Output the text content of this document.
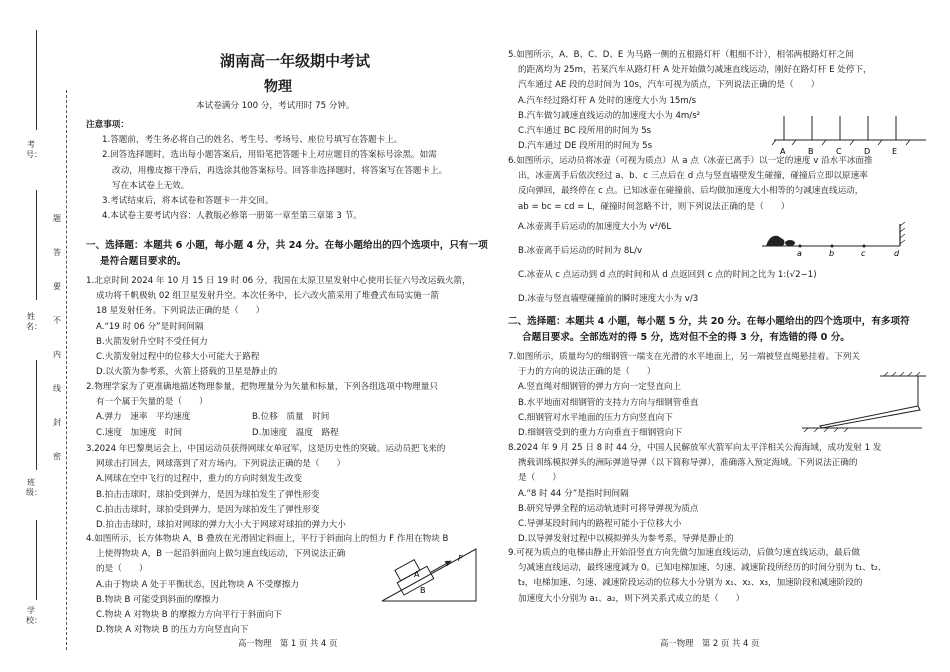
考号：
姓名：
班级：
学校：
题
答
要
不
内
线
封
密
湖南高一年级期中考试
物理
本试卷满分 100 分，考试用时 75 分钟。
注意事项：
1.答题前，考生务必将自己的姓名、考生号、考场号、座位号填写在答题卡上。
2.回答选择题时，选出每小题答案后，用铅笔把答题卡上对应题目的答案标号涂黑。如需
改动，用橡皮擦干净后，再选涂其他答案标号。回答非选择题时，将答案写在答题卡上。
写在本试卷上无效。
3.考试结束后，将本试卷和答题卡一并交回。
4.本试卷主要考试内容：人教版必修第一册第一章至第三章第 3 节。
一、选择题：本题共 6 小题，每小题 4 分，共 24 分。在每小题给出的四个选项中，只有一项
是符合题目要求的。
1.北京时间 2024 年 10 月 15 日 19 时 06 分，我国在太原卫星发射中心使用长征六号改运载火箭，
成功将千帆极轨 02 组卫星发射升空。本次任务中，长六改火箭采用了堆叠式布局实施一箭
18 星发射任务。下列说法正确的是（　　）
A.“19 时 06 分”是时间间隔
B.火箭发射升空时不受任何力
C.火箭发射过程中的位移大小可能大于路程
D.以火箭为参考系，火箭上搭载的卫星是静止的
2.物理学家为了更准确地描述物理参量，把物理量分为矢量和标量，下列各组选项中物理量只
有一个属于矢量的是（　　）
A.弹力　速率　平均速度	B.位移　质量　时间
C.速度　加速度　时间	D.加速度　温度　路程
3.2024 年巴黎奥运会上，中国运动员获得网球女单冠军，这是历史性的突破。运动员把飞来的
网球击打回去，网球落到了对方场内。下列说法正确的是（　　）
A.网球在空中飞行的过程中，重力的方向时刻发生改变
B.拍击击球时，球拍受到弹力，是因为球拍发生了弹性形变
C.拍击击球时，球拍受到弹力，是因为球拍发生了弹性形变
D.拍击击球时，球拍对网球的弹力大小大于网球对球拍的弹力大小
4.如图所示，长方体物块 A，B 叠放在光滑固定斜面上，平行于斜面向上的恒力 F 作用在物块 B
上使得物块 A，B 一起沿斜面向上做匀速直线运动，下列说法正确
的是（　　）
A.由于物块 A 处于平衡状态，因此物块 A 不受摩擦力
B.物块 B 可能受到斜面的摩擦力
C.物块 A 对物块 B 的摩擦力方向平行于斜面向下
D.物块 A 对物块 B 的压力方向竖直向下
A
B
F
高一物理　第 1 页 共 4 页
5.如图所示，A、B、C、D、E 为马路一侧的五根路灯杆（粗细不计），相邻两根路灯杆之间
的距离均为 25m，若某汽车从路灯杆 A 处开始做匀减速直线运动，刚好在路灯杆 E 处停下，
汽车通过 AE 段的总时间为 10s，汽车可视为质点，下列说法正确的是（　　）
A.汽车经过路灯杆 A 处时的速度大小为 15m/s
B.汽车做匀减速直线运动的加速度大小为 4m/s²
C.汽车通过 BC 段所用的时间为 5s
D.汽车通过 DE 段所用的时间为 5s
A	B	C	D	E
6.如图所示，运动员将冰壶（可视为质点）从 a 点（冰壶已离手）以一定的速度 v 沿水平冰面推
出，冰壶离手后依次经过 a、b、c 三点后在 d 点与竖直墙壁发生碰撞，碰撞后立即以原速率
反向弹回，最终停在 c 点。已知冰壶在碰撞前、后均做加速度大小相等的匀减速直线运动，
ab = bc = cd = L，碰撞时间忽略不计，则下列说法正确的是（　　）
A.冰壶离手后运动的加速度大小为 v²/6L
B.冰壶离手后运动的时间为 8L/v
C.冰壶从 c 点运动到 d 点的时间和从 d 点返回到 c 点的时间之比为 1:(√2−1)
D.冰壶与竖直墙壁碰撞前的瞬时速度大小为 v/3
a	b	c	d
二、选择题：本题共 4 小题，每小题 5 分，共 20 分。在每小题给出的四个选项中，有多项符
合题目要求。全部选对的得 5 分，选对但不全的得 3 分，有选错的得 0 分。
7.如图所示，质量均匀的细钢管一端支在光滑的水平地面上，另一端被竖直绳悬挂着。下列关
于力的方向的说法正确的是（　　）
A.竖直绳对细钢管的弹力方向一定竖直向上
B.水平地面对细钢管的支持力方向与细钢管垂直
C.细钢管对水平地面的压力方向竖直向下
D.细钢管受到的重力方向垂直于细钢管向下
8.2024 年 9 月 25 日 8 时 44 分，中国人民解放军火箭军向太平洋相关公海海域，成功发射 1 发
携载训练模拟弹头的洲际弹道导弹（以下简称导弹），准确落入预定海域。下列说法正确的
是（　　）
A.“8 时 44 分”是指时间间隔
B.研究导弹全程的运动轨迹时可将导弹视为质点
C.导弹某段时间内的路程可能小于位移大小
D.以导弹发射过程中以模拟弹头为参考系，导弹是静止的
9.可视为质点的电梯由静止开始沿竖直方向先做匀加速直线运动，后做匀速直线运动，最后做
匀减速直线运动，最终速度减为 0。已知电梯加速、匀速、减速阶段所经历的时间分别为 t₁、t₂、
t₃，电梯加速、匀速、减速阶段运动的位移大小分别为 x₁、x₂、x₃，加速阶段和减速阶段的
加速度大小分别为 a₁、a₂，则下列关系式成立的是（　　）
高一物理　第 2 页 共 4 页
